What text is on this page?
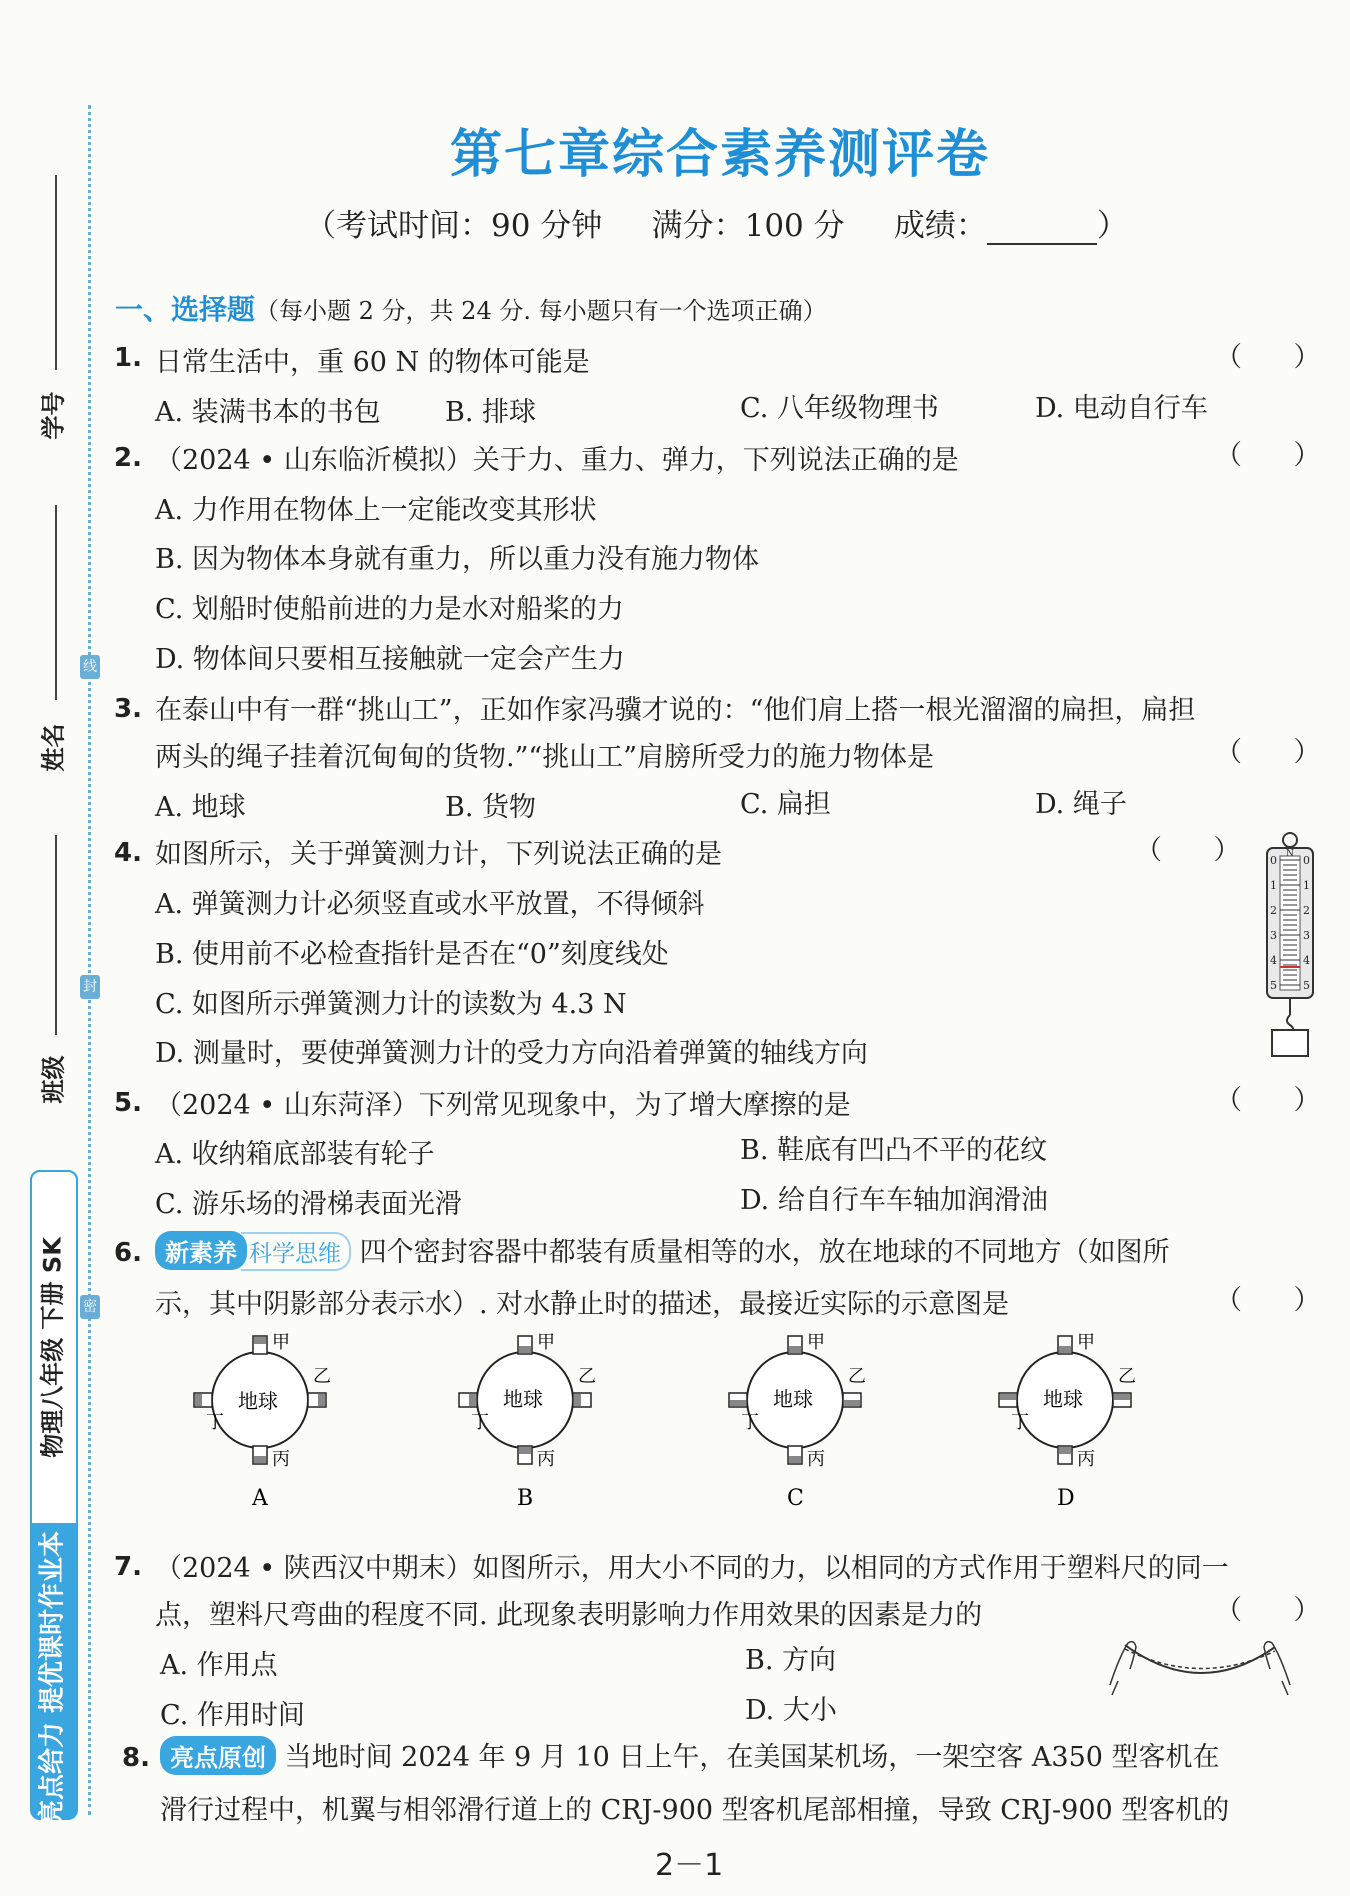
线
封
密
学号
姓名
班级
物理八年级 下册 SK
亮点给力 提优课时作业本
第七章综合素养测评卷
（考试时间：90 分钟 满分：100 分 成绩：	）
一、选择题（每小题 2 分，共 24 分. 每小题只有一个选项正确）
1. 日常生活中，重 60 N 的物体可能是	（      ）
A. 装满书本的书包 B. 排球	C. 八年级物理书	D. 电动自行车
2. （2024 • 山东临沂模拟）关于力、重力、弹力，下列说法正确的是	（      ）
A. 力作用在物体上一定能改变其形状
B. 因为物体本身就有重力，所以重力没有施力物体
C. 划船时使船前进的力是水对船桨的力
D. 物体间只要相互接触就一定会产生力
3. 在泰山中有一群“挑山工”，正如作家冯骥才说的：“他们肩上搭一根光溜溜的扁担，扁担
两头的绳子挂着沉甸甸的货物.”“挑山工”肩膀所受力的施力物体是	（      ）
A. 地球	B. 货物	C. 扁担	D. 绳子
4. 如图所示，关于弹簧测力计，下列说法正确的是	（      ）
A. 弹簧测力计必须竖直或水平放置，不得倾斜
B. 使用前不必检查指针是否在“0”刻度线处
C. 如图所示弹簧测力计的读数为 4.3 N
D. 测量时，要使弹簧测力计的受力方向沿着弹簧的轴线方向
0
1
2
3
4
5
0
1
2
3
4
5
N
5. （2024 • 山东菏泽）下列常见现象中，为了增大摩擦的是	（      ）
A. 收纳箱底部装有轮子	B. 鞋底有凹凸不平的花纹
C. 游乐场的滑梯表面光滑	D. 给自行车车轴加润滑油
6. 新素养 科学思维 四个密封容器中都装有质量相等的水，放在地球的不同地方（如图所
示，其中阴影部分表示水）. 对水静止时的描述，最接近实际的示意图是	（      ）
地球
甲
乙
丙
丁
A
地球
甲
乙
丙
丁
B
地球
甲
乙
丙
丁
C
地球
甲
乙
丙
丁
D
7. （2024 • 陕西汉中期末）如图所示，用大小不同的力，以相同的方式作用于塑料尺的同一
点，塑料尺弯曲的程度不同. 此现象表明影响力作用效果的因素是力的	（      ）
A. 作用点	B. 方向
C. 作用时间	D. 大小
8. 亮点原创 当地时间 2024 年 9 月 10 日上午，在美国某机场，一架空客 A350 型客机在
滑行过程中，机翼与相邻滑行道上的 CRJ-900 型客机尾部相撞，导致 CRJ-900 型客机的
2－1
